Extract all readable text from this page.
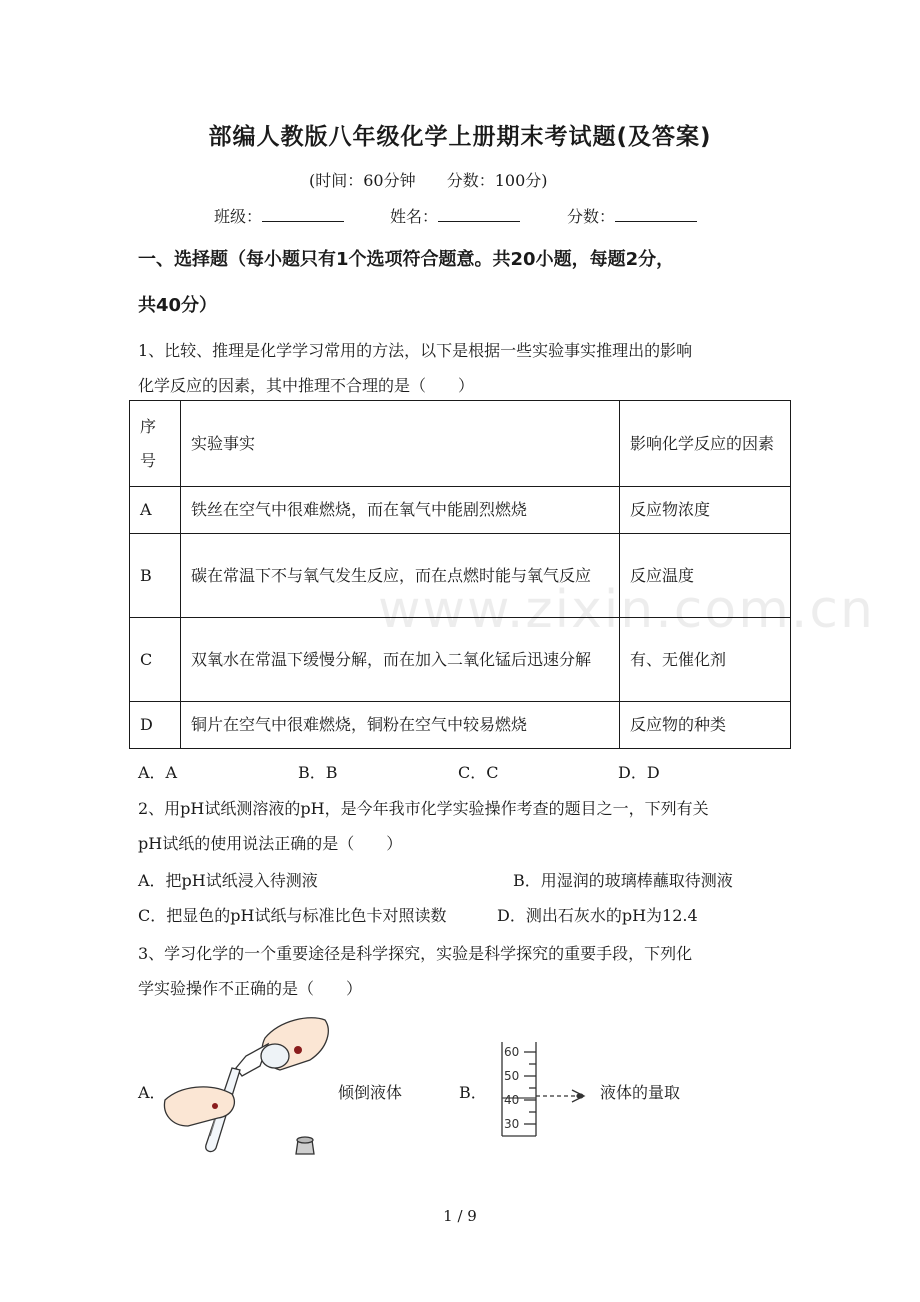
部编人教版八年级化学上册期末考试题(及答案)
(时间：60分钟 分数：100分)
班级：	姓名：	分数：
一、选择题（每小题只有1个选项符合题意。共20小题，每题2分，
共40分）
1、比较、推理是化学学习常用的方法，以下是根据一些实验事实推理出的影响
化学反应的因素，其中推理不合理的是（　　）
序号	实验事实	影响化学反应的因素
A	铁丝在空气中很难燃烧，而在氧气中能剧烈燃烧	反应物浓度
B	碳在常温下不与氧气发生反应，而在点燃时能与氧气反应	反应温度
C	双氧水在常温下缓慢分解，而在加入二氧化锰后迅速分解	有、无催化剂
D	铜片在空气中很难燃烧，铜粉在空气中较易燃烧	反应物的种类
www.zixin.com.cn
A．A	B．B	C．C	D．D
2、用pH试纸测溶液的pH，是今年我市化学实验操作考查的题目之一，下列有关
pH试纸的使用说法正确的是（　　）
A．把pH试纸浸入待测液	B．用湿润的玻璃棒蘸取待测液
C．把显色的pH试纸与标准比色卡对照读数	D．测出石灰水的pH为12.4
3、学习化学的一个重要途径是科学探究，实验是科学探究的重要手段，下列化
学实验操作不正确的是（　　）
A．	倾倒液体	B．
60
50
40
30
液体的量取
1 / 9
